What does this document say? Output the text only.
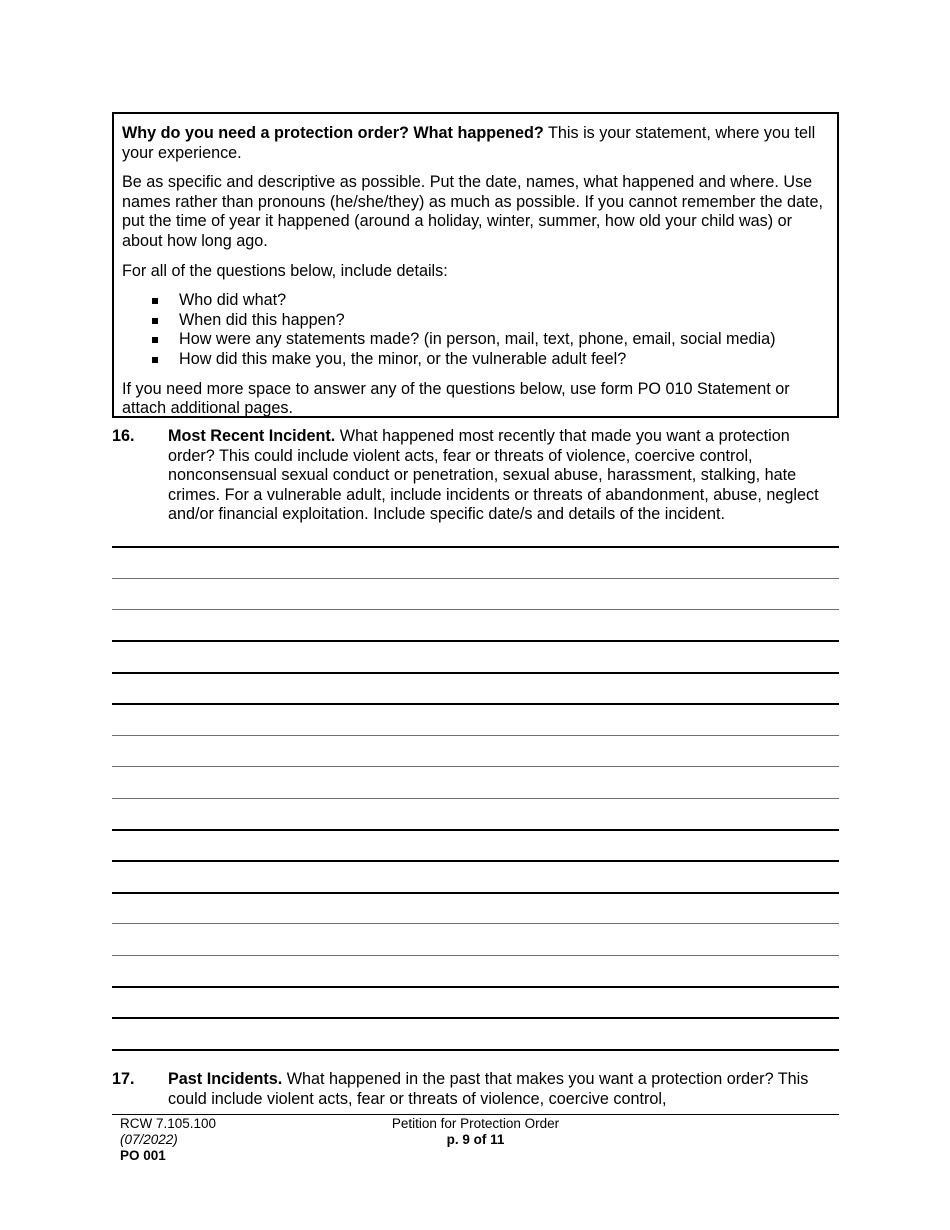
Why do you need a protection order? What happened? This is your statement, where you tell your experience.

Be as specific and descriptive as possible. Put the date, names, what happened and where. Use names rather than pronouns (he/she/they) as much as possible. If you cannot remember the date, put the time of year it happened (around a holiday, winter, summer, how old your child was) or about how long ago.

For all of the questions below, include details:

Who did what?
When did this happen?
How were any statements made? (in person, mail, text, phone, email, social media)
How did this make you, the minor, or the vulnerable adult feel?

If you need more space to answer any of the questions below, use form PO 010 Statement or attach additional pages.

16. Most Recent Incident. What happened most recently that made you want a protection order? This could include violent acts, fear or threats of violence, coercive control, nonconsensual sexual conduct or penetration, sexual abuse, harassment, stalking, hate crimes. For a vulnerable adult, include incidents or threats of abandonment, abuse, neglect and/or financial exploitation. Include specific date/s and details of the incident.
17. Past Incidents. What happened in the past that makes you want a protection order? This could include violent acts, fear or threats of violence, coercive control,
RCW 7.105.100
(07/2022)
PO 001
Petition for Protection Order
p. 9 of 11
